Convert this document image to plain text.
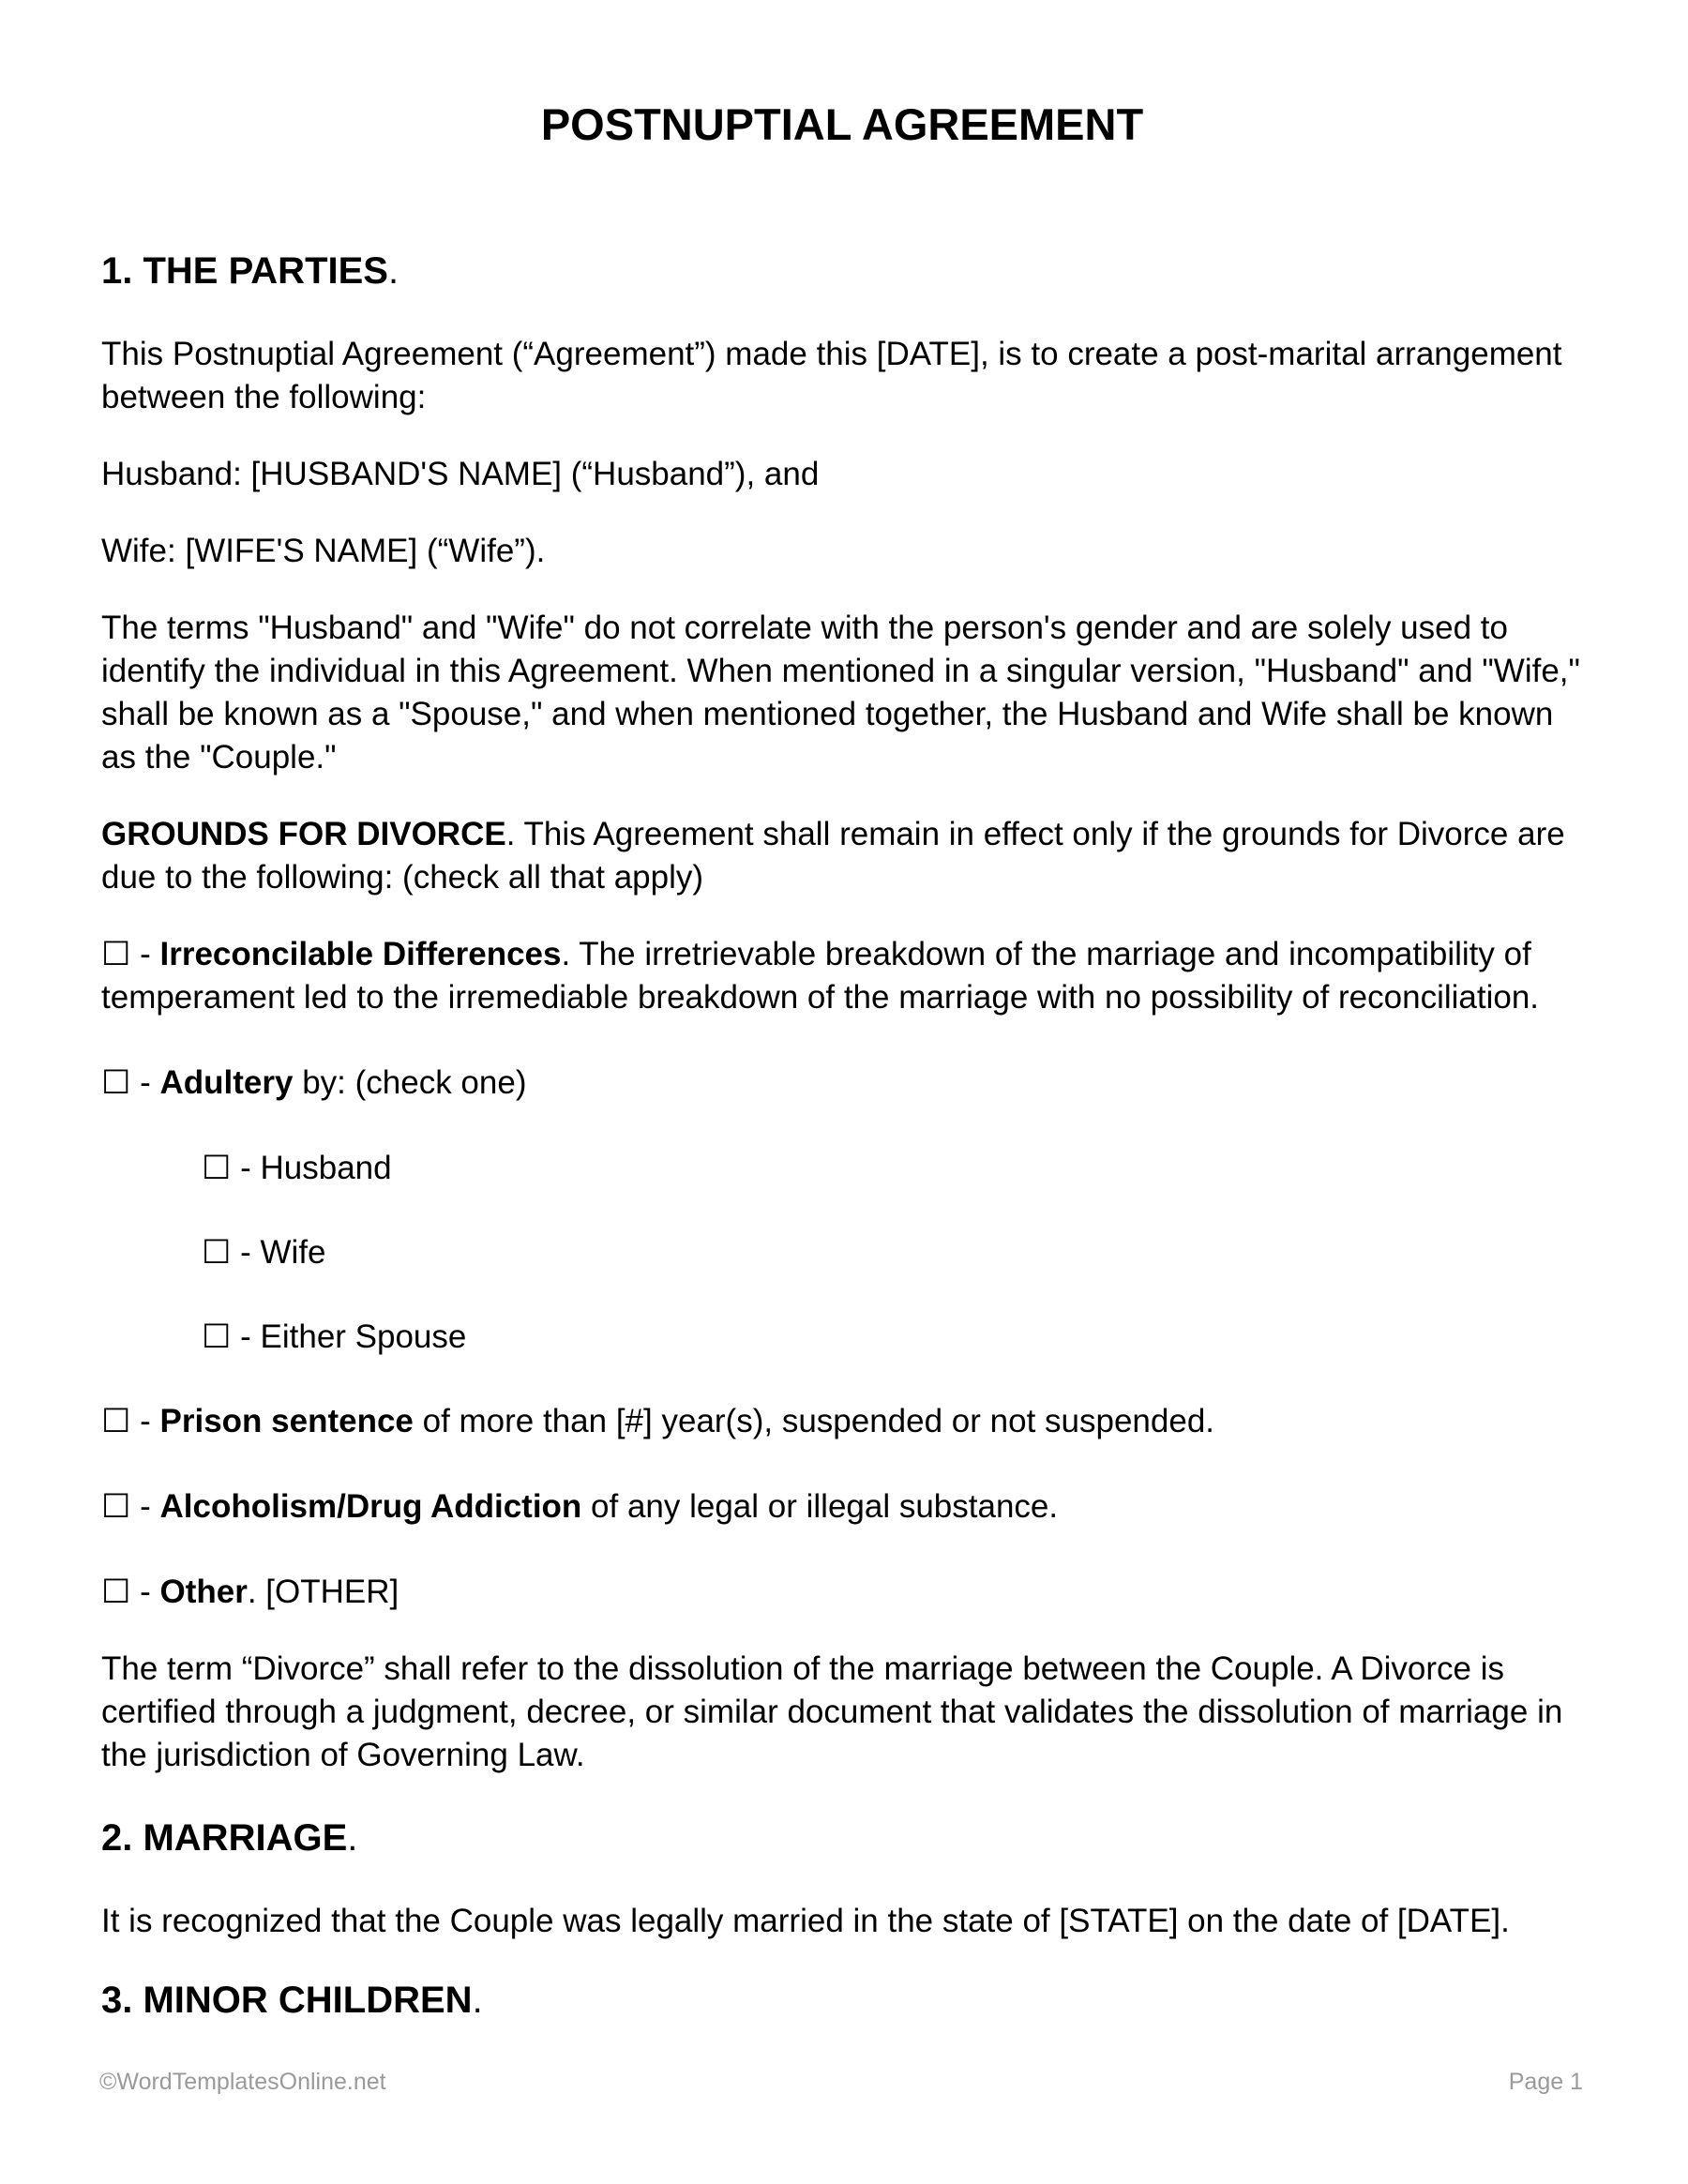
POSTNUPTIAL AGREEMENT
1. THE PARTIES.
This Postnuptial Agreement (“Agreement”) made this [DATE], is to create a post-marital arrangement between the following:
Husband: [HUSBAND'S NAME] (“Husband”), and
Wife: [WIFE'S NAME] (“Wife”).
The terms "Husband" and "Wife" do not correlate with the person's gender and are solely used to identify the individual in this Agreement. When mentioned in a singular version, "Husband" and "Wife," shall be known as a "Spouse," and when mentioned together, the Husband and Wife shall be known as the "Couple."
GROUNDS FOR DIVORCE. This Agreement shall remain in effect only if the grounds for Divorce are due to the following: (check all that apply)
☐ - Irreconcilable Differences. The irretrievable breakdown of the marriage and incompatibility of temperament led to the irremediable breakdown of the marriage with no possibility of reconciliation.
☐ - Adultery by: (check one)
☐ - Husband
☐ - Wife
☐ - Either Spouse
☐ - Prison sentence of more than [#] year(s), suspended or not suspended.
☐ - Alcoholism/Drug Addiction of any legal or illegal substance.
☐ - Other. [OTHER]
The term “Divorce” shall refer to the dissolution of the marriage between the Couple. A Divorce is certified through a judgment, decree, or similar document that validates the dissolution of marriage in the jurisdiction of Governing Law.
2. MARRIAGE.
It is recognized that the Couple was legally married in the state of [STATE] on the date of [DATE].
3. MINOR CHILDREN.
©WordTemplatesOnline.net	Page 1
